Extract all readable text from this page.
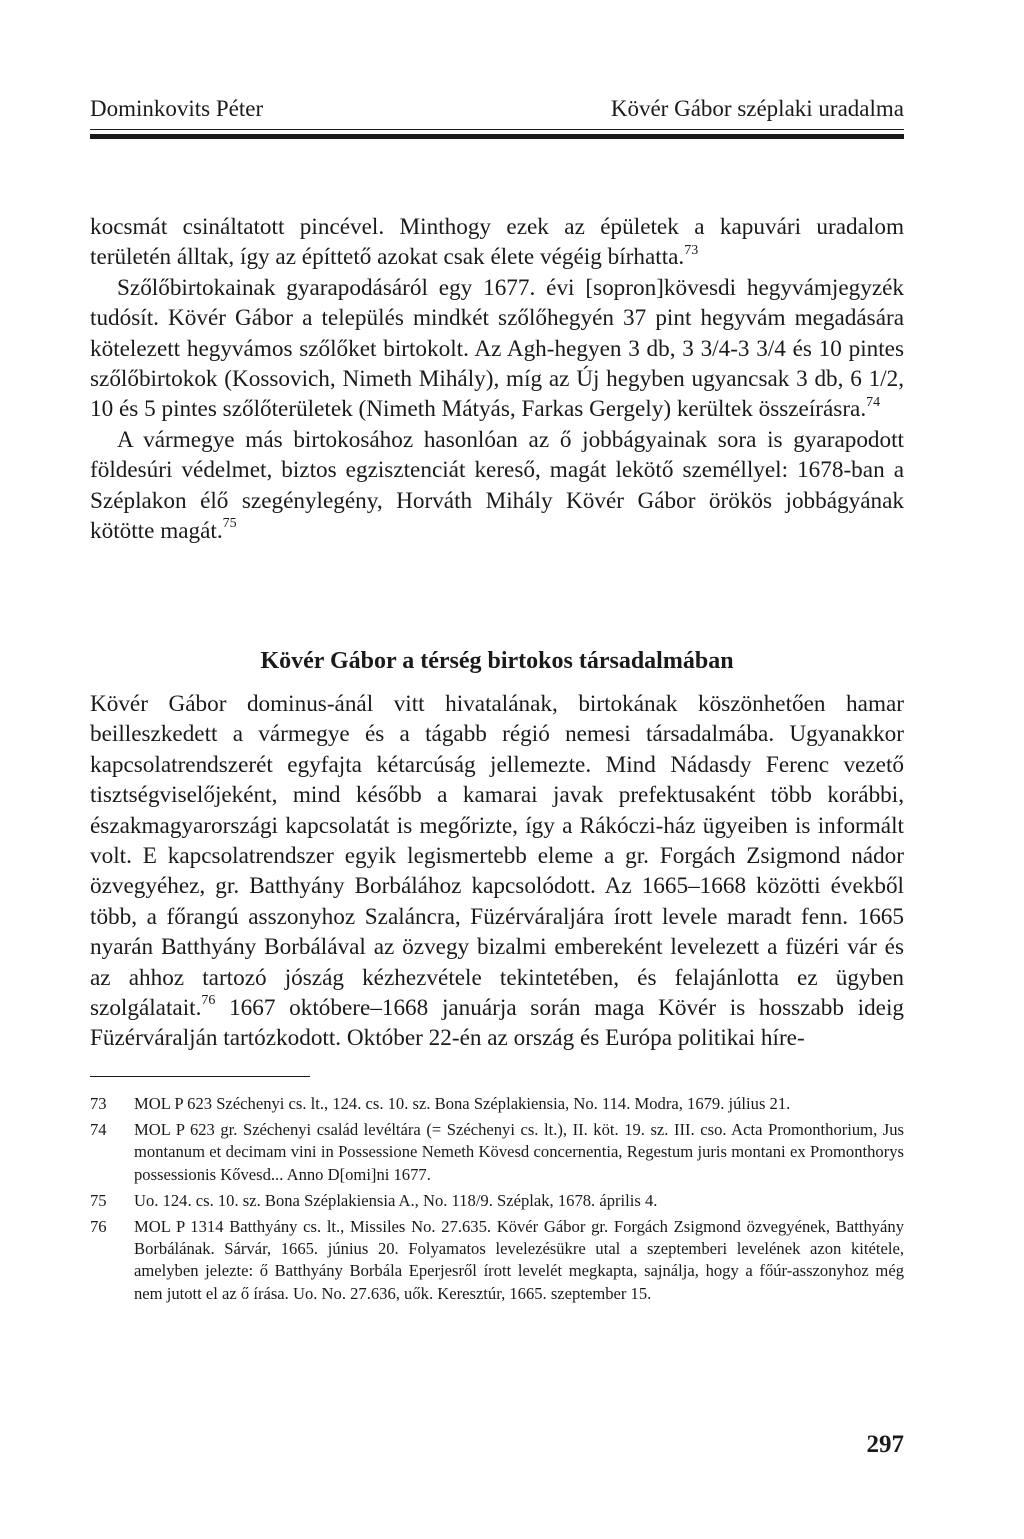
Dominkovits Péter	Kövér Gábor széplaki uradalma

kocsmát csináltatott pincével. Minthogy ezek az épületek a kapuvári uradalom területén álltak, így az építtető azokat csak élete végéig bírhatta.$^{73}$

Szőlőbirtokainak gyarapodásáról egy 1677. évi [sopron]kövesdi hegyvámjegyzék tudósít. Kövér Gábor a település mindkét szőlőhegyén 37 pint hegyvám megadására kötelezett hegyvámos szőlőket birtokolt. Az Agh-hegyen 3 db, 3 3/4-3 3/4 és 10 pintes szőlőbirtokok (Kossovich, Nimeth Mihály), míg az Új hegyben ugyancsak 3 db, 6 1/2, 10 és 5 pintes szőlőterületek (Nimeth Mátyás, Farkas Gergely) kerültek összeírásra.$^{74}$

A vármegye más birtokosához hasonlóan az ő jobbágyainak sora is gyarapodott földesúri védelmet, biztos egzisztenciát kereső, magát lekötő személlyel: 1678-ban a Széplakon élő szegénylegény, Horváth Mihály Kövér Gábor örökös jobbágyának kötötte magát.$^{75}$

Kövér Gábor a térség birtokos társadalmában

Kövér Gábor dominus-ánál vitt hivatalának, birtokának köszönhetően hamar beilleszkedett a vármegye és a tágabb régió nemesi társadalmába. Ugyanakkor kapcsolatrendszerét egyfajta kétarcúság jellemezte. Mind Nádasdy Ferenc vezető tisztségviselőjeként, mind később a kamarai javak prefektusaként több korábbi, északmagyarországi kapcsolatát is megőrizte, így a Rákóczi-ház ügyeiben is informált volt. E kapcsolatrendszer egyik legismertebb eleme a gr. Forgách Zsigmond nádor özvegyéhez, gr. Batthyány Borbálához kapcsolódott. Az 1665–1668 közötti évekből több, a főrangú asszonyhoz Szaláncra, Füzérváraljára írott levele maradt fenn. 1665 nyarán Batthyány Borbálával az özvegy bizalmi embereként levelezett a füzéri vár és az ahhoz tartozó jószág kézhezvétele tekintetében, és felajánlotta ez ügyben szolgálatait.$^{76}$ 1667 októbere–1668 januárja során maga Kövér is hosszabb ideig Füzérváralján tartózkodott. Október 22-én az ország és Európa politikai híre-

73	MOL P 623 Széchenyi cs. lt., 124. cs. 10. sz. Bona Széplakiensia, No. 114. Modra, 1679. július 21.
74	MOL P 623 gr. Széchenyi család levéltára (= Széchenyi cs. lt.), II. köt. 19. sz. III. cso. Acta Promonthorium, Jus montanum et decimam vini in Possessione Nemeth Kövesd concernentia, Regestum juris montani ex Promonthorys possessionis Kővesd... Anno D[omi]ni 1677.
75	Uo. 124. cs. 10. sz. Bona Széplakiensia A., No. 118/9. Széplak, 1678. április 4.
76	MOL P 1314 Batthyány cs. lt., Missiles No. 27.635. Kövér Gábor gr. Forgách Zsigmond özvegyének, Batthyány Borbálának. Sárvár, 1665. június 20. Folyamatos levelezésükre utal a szeptemberi levelének azon kitétele, amelyben jelezte: ő Batthyány Borbála Eperjesről írott levelét megkapta, sajnálja, hogy a főúr-asszonyhoz még nem jutott el az ő írása. Uo. No. 27.636, uők. Keresztúr, 1665. szeptember 15.
297
